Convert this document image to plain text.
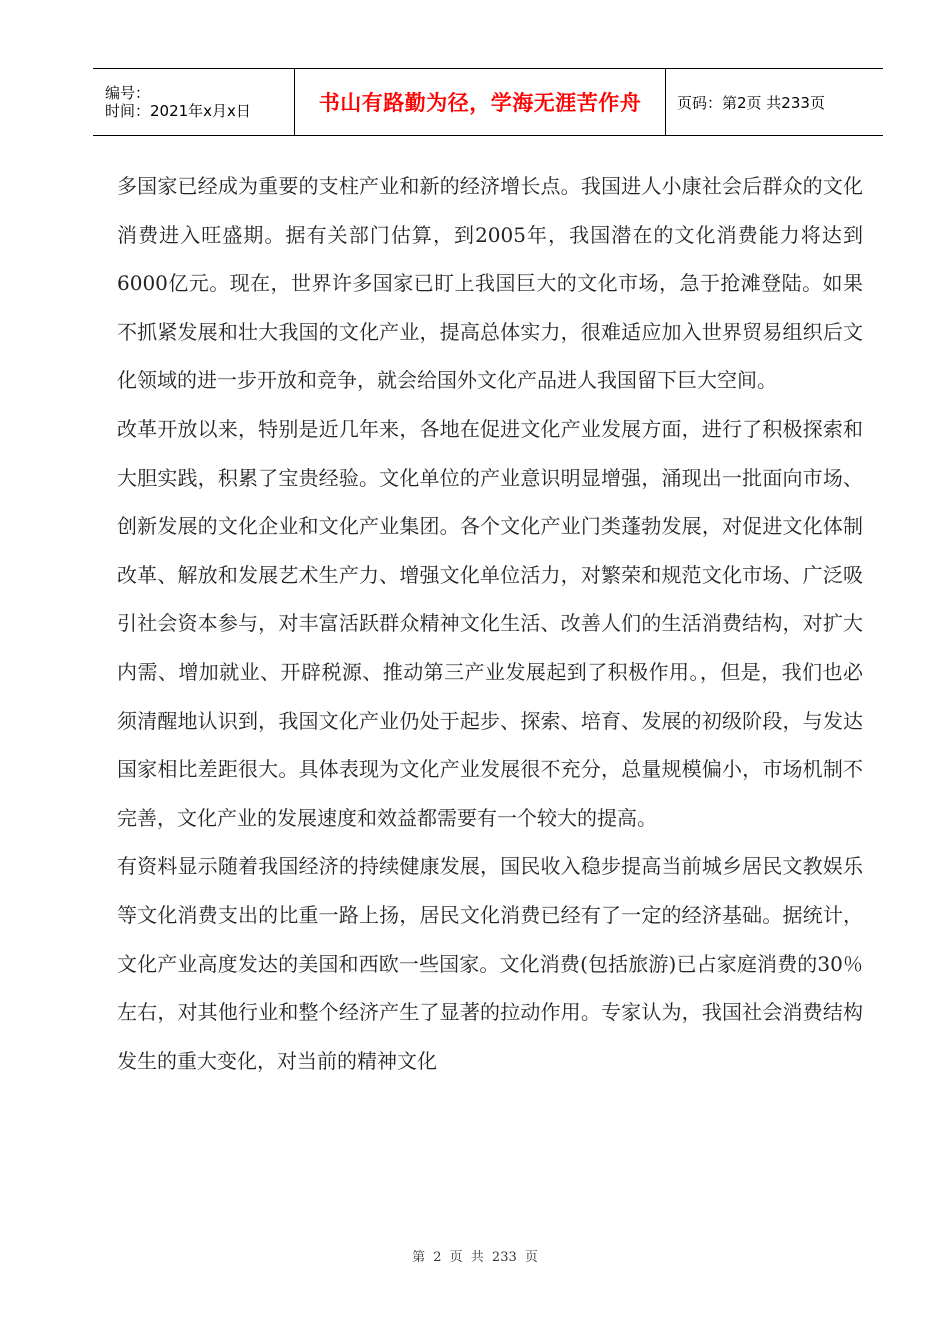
编号：
时间：2021年x月x日	书山有路勤为径，学海无涯苦作舟	页码：第2页 共233页

多国家已经成为重要的支柱产业和新的经济增长点。我国进人小康社会后群众的文化消费进入旺盛期。据有关部门估算，到2005年，我国潜在的文化消费能力将达到6000亿元。现在，世界许多国家已盯上我国巨大的文化市场，急于抢滩登陆。如果不抓紧发展和壮大我国的文化产业，提高总体实力，很难适应加入世界贸易组织后文化领域的进一步开放和竞争，就会给国外文化产品进人我国留下巨大空间。

改革开放以来，特别是近几年来，各地在促进文化产业发展方面，进行了积极探索和大胆实践，积累了宝贵经验。文化单位的产业意识明显增强，涌现出一批面向市场、创新发展的文化企业和文化产业集团。各个文化产业门类蓬勃发展，对促进文化体制改革、解放和发展艺术生产力、增强文化单位活力，对繁荣和规范文化市场、广泛吸引社会资本参与，对丰富活跃群众精神文化生活、改善人们的生活消费结构，对扩大内需、增加就业、开辟税源、推动第三产业发展起到了积极作用。，但是，我们也必须清醒地认识到，我国文化产业仍处于起步、探索、培育、发展的初级阶段，与发达国家相比差距很大。具体表现为文化产业发展很不充分，总量规模偏小，市场机制不完善，文化产业的发展速度和效益都需要有一个较大的提高。

有资料显示随着我国经济的持续健康发展，国民收入稳步提高当前城乡居民文教娱乐等文化消费支出的比重一路上扬，居民文化消费已经有了一定的经济基础。据统计，文化产业高度发达的美国和西欧一些国家。文化消费(包括旅游)已占家庭消费的30％左右，对其他行业和整个经济产生了显著的拉动作用。专家认为，我国社会消费结构发生的重大变化，对当前的精神文化

第 2 页 共 233 页
